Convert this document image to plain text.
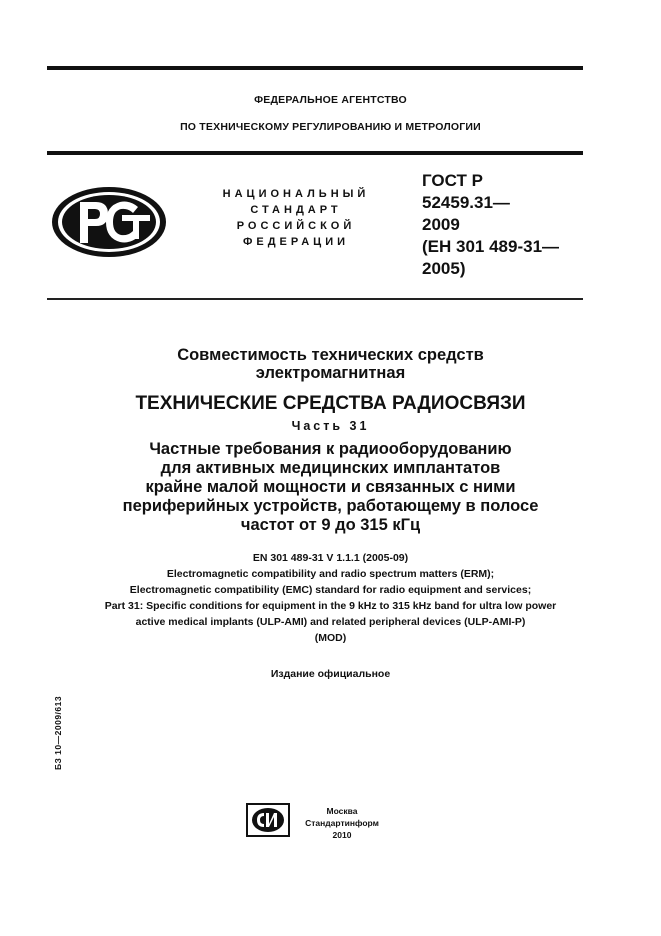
ФЕДЕРАЛЬНОЕ АГЕНТСТВО
ПО ТЕХНИЧЕСКОМУ РЕГУЛИРОВАНИЮ И МЕТРОЛОГИИ
НАЦИОНАЛЬНЫЙ
СТАНДАРТ
РОССИЙСКОЙ
ФЕДЕРАЦИИ
ГОСТ Р
52459.31—
2009
(ЕН 301 489-31—
2005)
Совместимость технических средств
электромагнитная
ТЕХНИЧЕСКИЕ СРЕДСТВА РАДИОСВЯЗИ
Часть 31
Частные требования к радиооборудованию
для активных медицинских имплантатов
крайне малой мощности и связанных с ними
периферийных устройств, работающему в полосе
частот от 9 до 315 кГц
EN 301 489-31 V 1.1.1 (2005-09)
Electromagnetic compatibility and radio spectrum matters (ERM);
Electromagnetic compatibility (EMC) standard for radio equipment and services;
Part 31: Specific conditions for equipment in the 9 kHz to 315 kHz band for ultra low power
active medical implants (ULP-AMI) and related peripheral devices (ULP-AMI-P)
(MOD)
Издание официальное
БЗ 10—2009/613
Москва
Стандартинформ
2010
